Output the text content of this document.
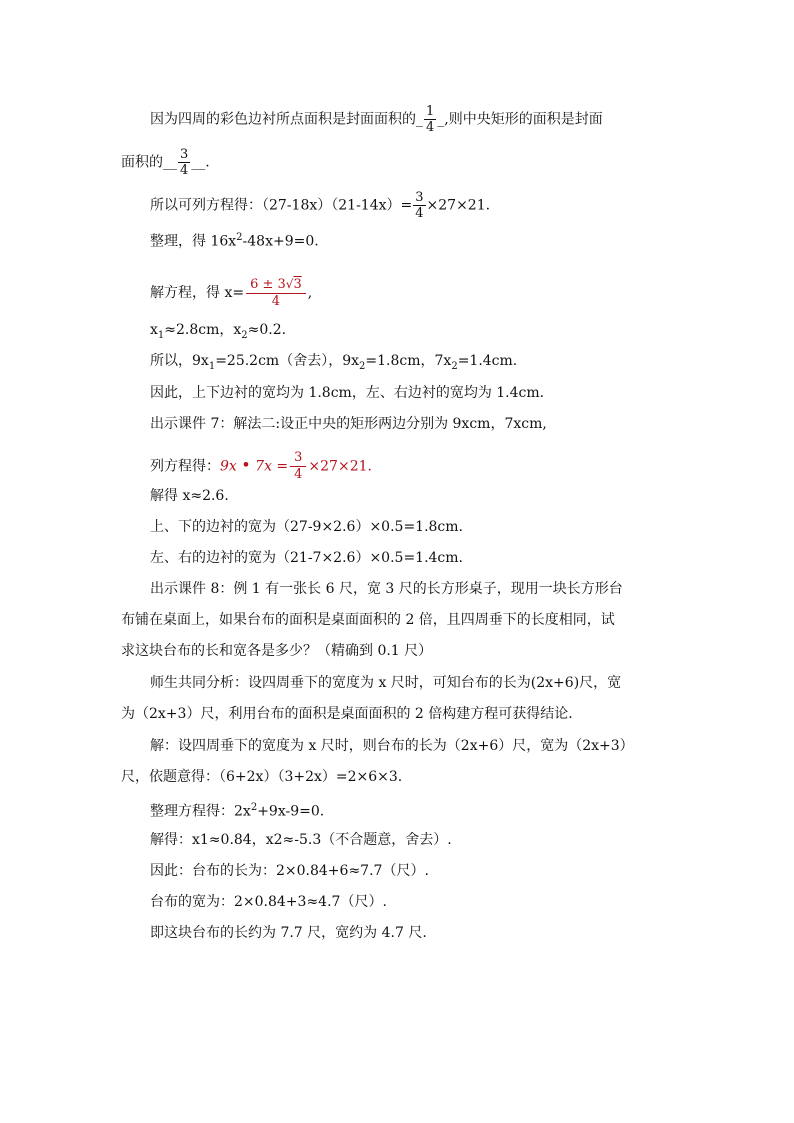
因为四周的彩色边衬所点面积是封面面积的_ $\frac{1}{4}$ _,则中央矩形的面积是封面
面积的__ $\frac{3}{4}$ __.
所以可列方程得：$(27-18x)(21-14x)= \frac{3}{4} \times 27\times 21$.
整理，得 $16x^2-48x+9=0$.
解方程，得 $x= \frac{6 \pm 3√3}{4}$ ,
$x_1\approx 2.8cm$，$x_2\approx 0.2$.
所以，$9x_1=25.2cm$（舍去），$9x_2=1.8cm$，$7x_2=1.4cm$.
因此，上下边衬的宽均为 1.8cm，左、右边衬的宽均为 1.4cm.
出示课件 7：解法二:设正中央的矩形两边分别为 9xcm，7xcm,
列方程得：9x • $7x = \frac{3}{4} \times 27\times 21$.
解得 x≈2.6.
上、下的边衬的宽为（27-9×2.6）×0.5=1.8cm.
左、右的边衬的宽为（21-7×2.6）×0.5=1.4cm.
出示课件 8：例 1 有一张长 6 尺，宽 3 尺的长方形桌子，现用一块长方形台
布铺在桌面上，如果台布的面积是桌面面积的 2 倍，且四周垂下的长度相同，试
求这块台布的长和宽各是多少？（精确到 0.1 尺）
师生共同分析：设四周垂下的宽度为 x 尺时，可知台布的长为(2x+6)尺，宽
为（2x+3）尺，利用台布的面积是桌面面积的 2 倍构建方程可获得结论.
解：设四周垂下的宽度为 x 尺时，则台布的长为（2x+6）尺，宽为（2x+3）
尺，依题意得：（6+2x）（3+2x）=2×6×3.
整理方程得：$2x^2+9x-9=0$.
解得：x1≈0.84，x2≈-5.3（不合题意，舍去）.
因此：台布的长为：2×0.84+6≈7.7（尺）.
台布的宽为：2×0.84+3≈4.7（尺）.
即这块台布的长约为 7.7 尺，宽约为 4.7 尺.
